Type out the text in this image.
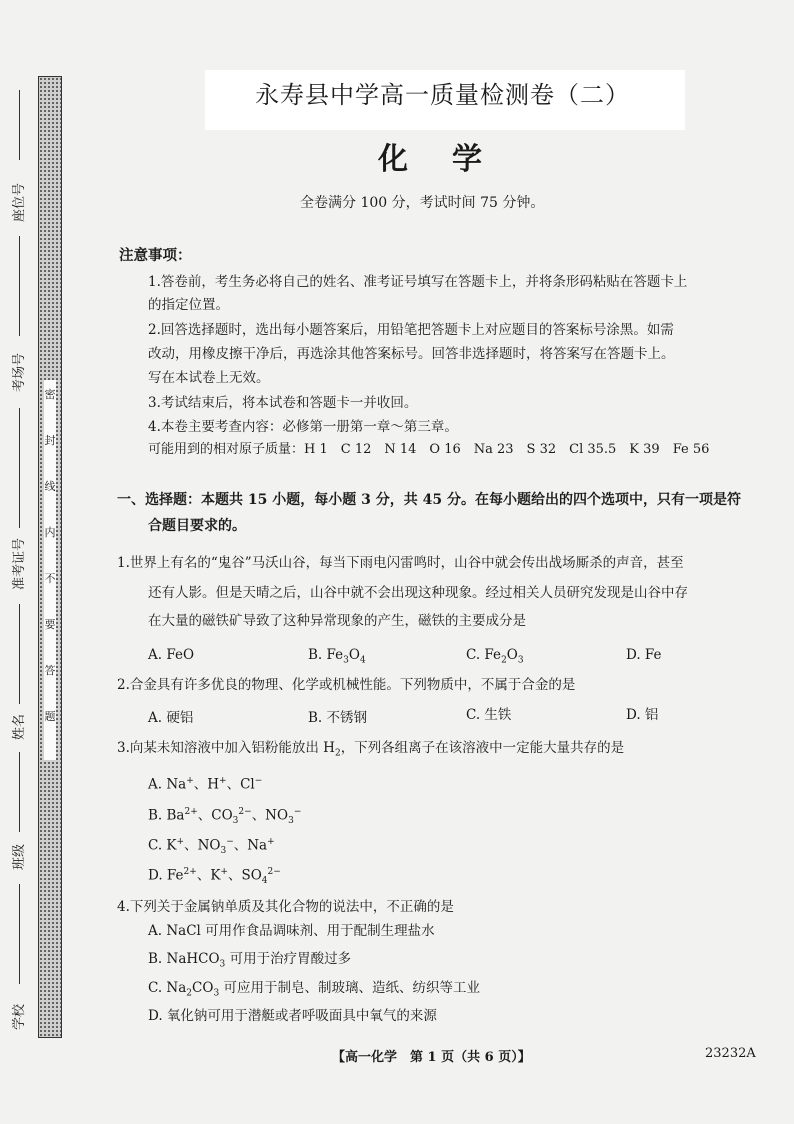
密
封
线
内
不
要
答
题
座位号
考场号
准考证号
姓名
班级
学校
永寿县中学高一质量检测卷（二）
化学
全卷满分 100 分，考试时间 75 分钟。
注意事项：
1.答卷前，考生务必将自己的姓名、准考证号填写在答题卡上，并将条形码粘贴在答题卡上
的指定位置。
2.回答选择题时，选出每小题答案后，用铅笔把答题卡上对应题目的答案标号涂黑。如需
改动，用橡皮擦干净后，再选涂其他答案标号。回答非选择题时，将答案写在答题卡上。
写在本试卷上无效。
3.考试结束后，将本试卷和答题卡一并收回。
4.本卷主要考查内容：必修第一册第一章～第三章。
可能用到的相对原子质量：H 1　C 12　N 14　O 16　Na 23　S 32　Cl 35.5　K 39　Fe 56
一、选择题：本题共 15 小题，每小题 3 分，共 45 分。在每小题给出的四个选项中，只有一项是符
合题目要求的。
1.世界上有名的“鬼谷”马沃山谷，每当下雨电闪雷鸣时，山谷中就会传出战场厮杀的声音，甚至
还有人影。但是天晴之后，山谷中就不会出现这种现象。经过相关人员研究发现是山谷中存
在大量的磁铁矿导致了这种异常现象的产生，磁铁的主要成分是
A. FeO	B. $Fe_3O_4$	C. $Fe_2O_3$	D. Fe
2.合金具有许多优良的物理、化学或机械性能。下列物质中，不属于合金的是
A. 硬铝	B. 不锈钢	C. 生铁	D. 铝
3.向某未知溶液中加入铝粉能放出 $H_2$，下列各组离子在该溶液中一定能大量共存的是
A. Na+、H+、Cl−
B. $Ba^{2+}$、$CO_3^{2-}$、$NO_3^-$
C. K+、$NO_3^-$、Na+
D. $Fe^{2+}$、K+、$SO_4^{2-}$
4.下列关于金属钠单质及其化合物的说法中，不正确的是
A. NaCl 可用作食品调味剂、用于配制生理盐水
B. NaHCO$_3$ 可用于治疗胃酸过多
C. $Na_2CO_3$ 可应用于制皂、制玻璃、造纸、纺织等工业
D. 氧化钠可用于潜艇或者呼吸面具中氧气的来源
【高一化学　第 1 页（共 6 页）】	23232A
